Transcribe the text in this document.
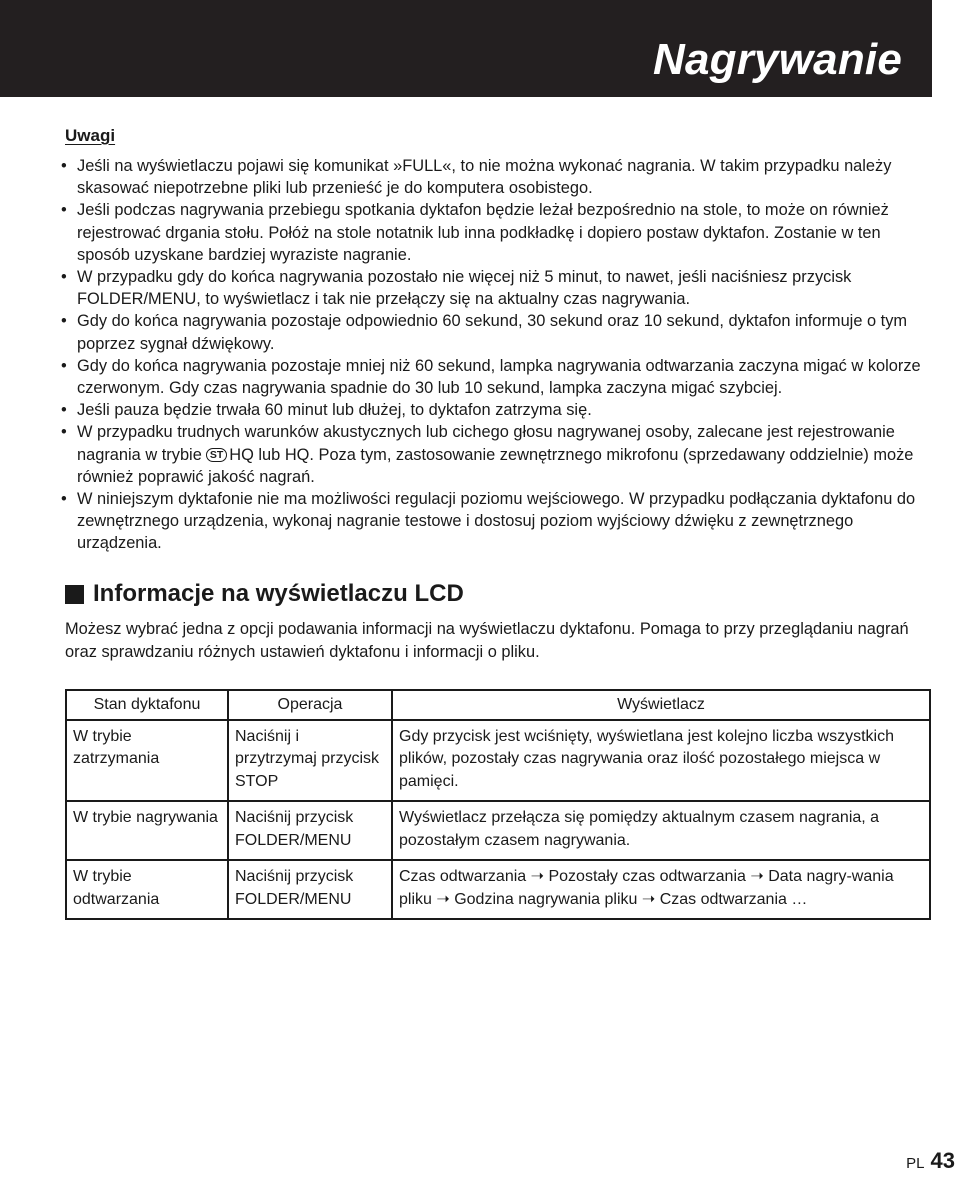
Nagrywanie
Uwagi
• Jeśli na wyświetlaczu pojawi się komunikat »FULL«, to nie można wykonać nagrania. W takim przypadku należy skasować niepotrzebne pliki lub przenieść je do komputera osobistego.
• Jeśli podczas nagrywania przebiegu spotkania dyktafon będzie leżał bezpośrednio na stole, to może on również rejestrować drgania stołu. Połóż na stole notatnik lub inna podkładkę i dopiero postaw dyktafon. Zostanie w ten sposób uzyskane bardziej wyraziste nagranie.
• W przypadku gdy do końca nagrywania pozostało nie więcej niż 5 minut, to nawet, jeśli naciśniesz przycisk FOLDER/MENU, to wyświetlacz i tak nie przełączy się na aktualny czas nagrywania.
• Gdy do końca nagrywania pozostaje odpowiednio 60 sekund, 30 sekund oraz 10 sekund, dyktafon informuje o tym poprzez sygnał dźwiękowy.
• Gdy do końca nagrywania pozostaje mniej niż 60 sekund, lampka nagrywania odtwarzania zaczyna migać w kolorze czerwonym. Gdy czas nagrywania spadnie do 30 lub 10 sekund, lampka zaczyna migać szybciej.
• Jeśli pauza będzie trwała 60 minut lub dłużej, to dyktafon zatrzyma się.
• W przypadku trudnych warunków akustycznych lub cichego głosu nagrywanej osoby, zalecane jest rejestrowanie nagrania w trybie ST HQ lub HQ. Poza tym, zastosowanie zewnętrznego mikrofonu (sprzedawany oddzielnie) może również poprawić jakość nagrań.
• W niniejszym dyktafonie nie ma możliwości regulacji poziomu wejściowego. W przypadku podłączania dyktafonu do zewnętrznego urządzenia, wykonaj nagranie testowe i dostosuj poziom wyjściowy dźwięku z zewnętrznego urządzenia.
Informacje na wyświetlaczu LCD

Możesz wybrać jedna z opcji podawania informacji na wyświetlaczu dyktafonu. Pomaga to przy przeglądaniu nagrań oraz sprawdzaniu różnych ustawień dyktafonu i informacji o pliku.

Stan dyktafonu	Operacja	Wyświetlacz
W trybie zatrzymania	Naciśnij i przytrzymaj przycisk STOP	Gdy przycisk jest wciśnięty, wyświetlana jest kolejno liczba wszystkich plików, pozostały czas nagrywania oraz ilość pozostałego miejsca w pamięci.
W trybie nagrywania	Naciśnij przycisk FOLDER/MENU	Wyświetlacz przełącza się pomiędzy aktualnym czasem nagrania, a pozostałym czasem nagrywania.
W trybie odtwarzania	Naciśnij przycisk FOLDER/MENU	Czas odtwarzania ➝ Pozostały czas odtwarzania ➝ Data nagry-wania pliku ➝ Godzina nagrywania pliku ➝ Czas odtwarzania …
PL 43
